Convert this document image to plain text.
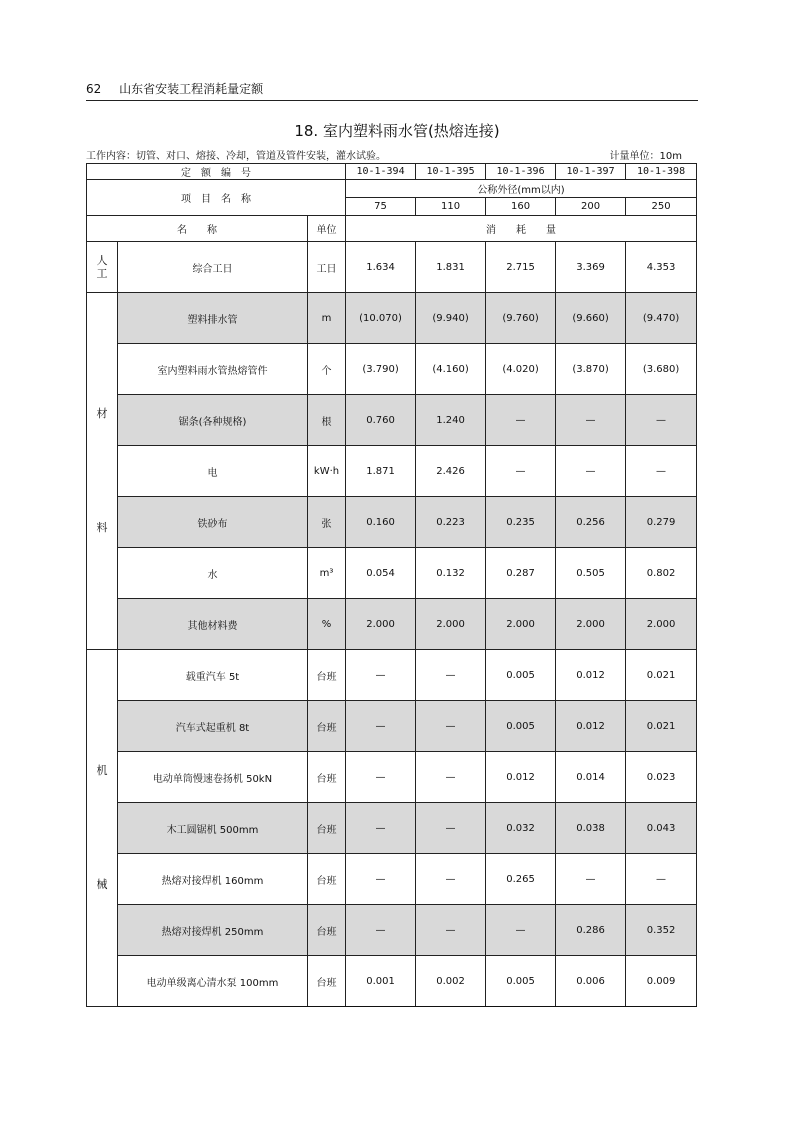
62 山东省安装工程消耗量定额
18. 室内塑料雨水管(热熔连接)
工作内容：切管、对口、熔接、冷却，管道及管件安装，灌水试验。	计量单位：10m
定　额　编　号			10-1-394	10-1-395	10-1-396	10-1-397	10-1-398
项　目　名　称			公称外径(mm以内)				
			75	110	160	200	250
名　　称		单位	消　　耗　　量				

人工	综合工日	工日	1.634	1.831	2.715	3.369	4.353

材
料	塑料排水管	m	(10.070)	(9.940)	(9.760)	(9.660)	(9.470)
	室内塑料雨水管热熔管件	个	(3.790)	(4.160)	(4.020)	(3.870)	(3.680)
	锯条(各种规格)	根	0.760	1.240	—	—	—
	电	kW·h	1.871	2.426	—	—	—
	铁砂布	张	0.160	0.223	0.235	0.256	0.279
	水	m³	0.054	0.132	0.287	0.505	0.802
	其他材料费	%	2.000	2.000	2.000	2.000	2.000

机
械	载重汽车 5t	台班	—	—	0.005	0.012	0.021
	汽车式起重机 8t	台班	—	—	0.005	0.012	0.021
	电动单筒慢速卷扬机 50kN	台班	—	—	0.012	0.014	0.023
	木工圆锯机 500mm	台班	—	—	0.032	0.038	0.043
	热熔对接焊机 160mm	台班	—	—	0.265	—	—
	热熔对接焊机 250mm	台班	—	—	—	0.286	0.352
	电动单级离心清水泵 100mm	台班	0.001	0.002	0.005	0.006	0.009
